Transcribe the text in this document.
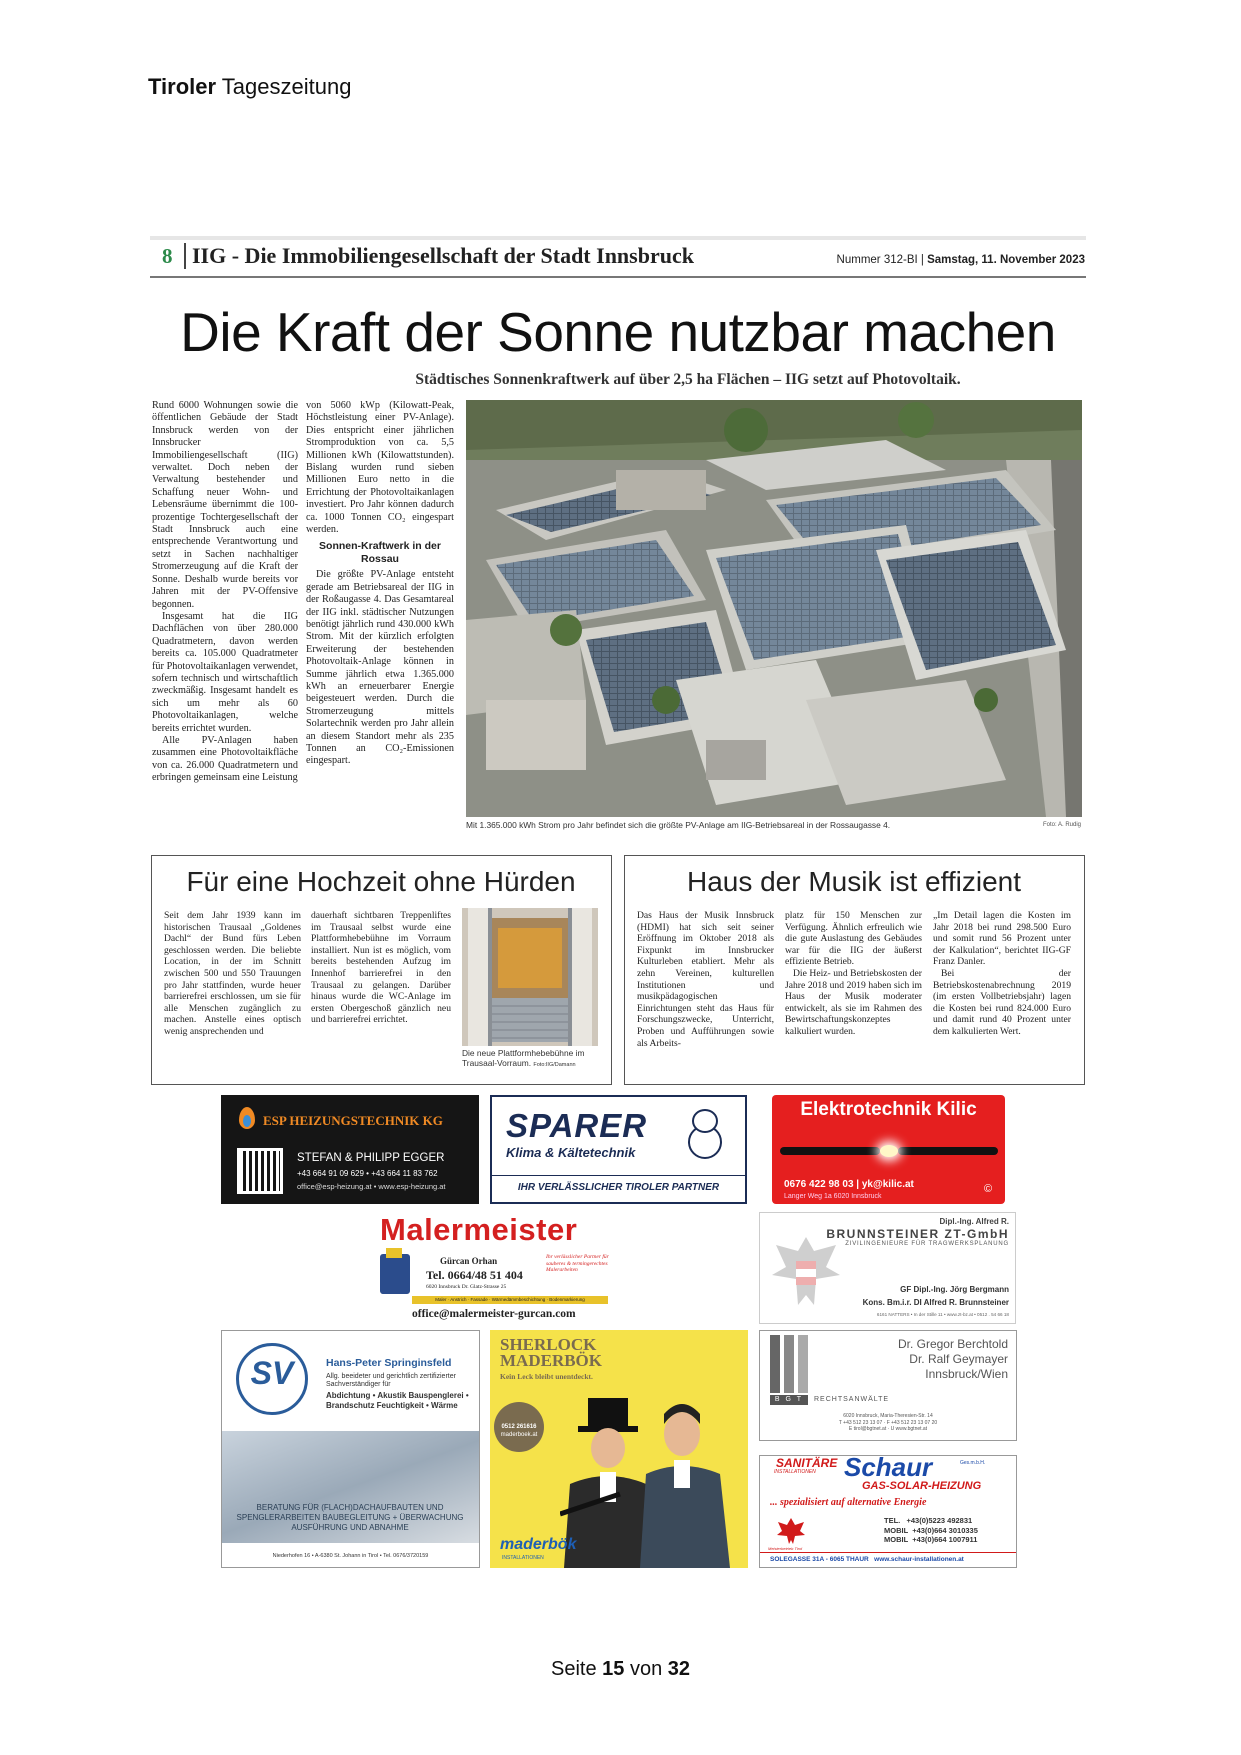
Tiroler Tageszeitung
8 IIG - Die Immobiliengesellschaft der Stadt Innsbruck	Nummer 312-BI | Samstag, 11. November 2023
Die Kraft der Sonne nutzbar machen
Städtisches Sonnenkraftwerk auf über 2,5 ha Flächen – IIG setzt auf Photovoltaik.

Rund 6000 Wohnungen sowie die öffentlichen Gebäude der Stadt Innsbruck werden von der Innsbrucker Immobiliengesellschaft (IIG) verwaltet. Doch neben der Verwaltung bestehender und Schaffung neuer Wohn- und Lebensräume übernimmt die 100-prozentige Tochtergesellschaft der Stadt Innsbruck auch eine entsprechende Verantwortung und setzt in Sachen nachhaltiger Stromerzeugung auf die Kraft der Sonne. Deshalb wurde bereits vor Jahren mit der PV-Offensive begonnen.

Insgesamt hat die IIG Dachflächen von über 280.000 Quadratmetern, davon werden bereits ca. 105.000 Quadratmeter für Photovoltaikanlagen verwendet, sofern technisch und wirtschaftlich zweckmäßig. Insgesamt handelt es sich um mehr als 60 Photovoltaikanlagen, welche bereits errichtet wurden.

Alle PV-Anlagen haben zusammen eine Photovoltaikfläche von ca. 26.000 Quadratmetern und erbringen gemeinsam eine Leistung

von 5060 kWp (Kilowatt-Peak, Höchstleistung einer PV-Anlage). Dies entspricht einer jährlichen Stromproduktion von ca. 5,5 Millionen kWh (Kilowattstunden). Bislang wurden rund sieben Millionen Euro netto in die Errichtung der Photovoltaikanlagen investiert. Pro Jahr können dadurch ca. 1000 Tonnen CO₂ eingespart werden.

Sonnen-Kraftwerk in der Rossau

Die größte PV-Anlage entsteht gerade am Betriebsareal der IIG in der Roßaugasse 4. Das Gesamtareal der IIG inkl. städtischer Nutzungen benötigt jährlich rund 430.000 kWh Strom. Mit der kürzlich erfolgten Erweiterung der bestehenden Photovoltaik-Anlage können in Summe jährlich etwa 1.365.000 kWh an erneuerbarer Energie beigesteuert werden. Durch die Stromerzeugung mittels Solartechnik werden pro Jahr allein an diesem Standort mehr als 235 Tonnen an CO₂-Emissionen eingespart.

Mit 1.365.000 kWh Strom pro Jahr befindet sich die größte PV-Anlage am IIG-Betriebsareal in der Rossaugasse 4.	Foto: A. Rudig
Für eine Hochzeit ohne Hürden

Seit dem Jahr 1939 kann im historischen Trausaal „Goldenes Dachl“ der Bund fürs Leben geschlossen werden. Die beliebte Location, in der im Schnitt zwischen 500 und 550 Trauungen pro Jahr stattfinden, wurde heuer barrierefrei erschlossen, um sie für alle Menschen zugänglich zu machen. Anstelle eines optisch wenig ansprechenden und

dauerhaft sichtbaren Treppenliftes im Trausaal selbst wurde eine Plattformhebebühne im Vorraum installiert. Nun ist es möglich, vom bereits bestehenden Aufzug im Innenhof barrierefrei in den Trausaal zu gelangen. Darüber hinaus wurde die WC-Anlage im ersten Obergeschoß gänzlich neu und barrierefrei errichtet.

Die neue Plattformhebebühne im Trausaal-Vorraum. Foto:IIG/Damann
Haus der Musik ist effizient

Das Haus der Musik Innsbruck (HDMI) hat sich seit seiner Eröffnung im Oktober 2018 als Fixpunkt im Innsbrucker Kulturleben etabliert. Mehr als zehn Vereinen, kulturellen Institutionen und musikpädagogischen Einrichtungen steht das Haus für Forschungszwecke, Unterricht, Proben und Aufführungen sowie als Arbeits-

platz für 150 Menschen zur Verfügung. Ähnlich erfreulich wie die gute Auslastung des Gebäudes war für die IIG der äußerst effiziente Betrieb.

Die Heiz- und Betriebskosten der Jahre 2018 und 2019 haben sich im Haus der Musik moderater entwickelt, als sie im Rahmen des Bewirtschaftungskonzeptes kalkuliert wurden.

„Im Detail lagen die Kosten im Jahr 2018 bei rund 298.500 Euro und somit rund 56 Prozent unter der Kalkulation“, berichtet IIG-GF Franz Danler.

Bei der Betriebskostenabrechnung 2019 (im ersten Vollbetriebsjahr) lagen die Kosten bei rund 824.000 Euro und damit rund 40 Prozent unter dem kalkulierten Wert.

ESP HEIZUNGSTECHNIK KG
STEFAN & PHILIPP EGGER
+43 664 91 09 629 • +43 664 11 83 762
office@esp-heizung.at • www.esp-heizung.at
SPARER
Klima & Kältetechnik
IHR VERLÄSSLICHER TIROLER PARTNER
Elektrotechnik Kilic
0676 422 98 03 | yk@kilic.at
Langer Weg 1a 6020 Innsbruck
©
Malermeister
Gürcan Orhan
Tel. 0664/48 51 404
6020 Innsbruck Dr. Glatz-Strasse 25
Ihr verlässlicher Partner für sauberes & termingerechtes Malerarbeiten
Maler · Anstrich · Fassade · Wärmedämmbeschichtung · Bodenmarkierung
office@malermeister-gurcan.com
Dipl.-Ing. Alfred R.
BRUNNSTEINER ZT-GmbH
ZIVILINGENIEURE FÜR TRAGWERKSPLANUNG
GF Dipl.-Ing. Jörg Bergmann
Kons. Bm.i.r. DI Alfred R. Brunnsteiner
6161 NATTERS • In der Stille 11 • www.zt-bz.at • 0512 . 54 66 18
SV	Hans-Peter Springinsfeld
Allg. beeideter und gerichtlich zertifizierter Sachverständiger für
Abdichtung • Akustik Bauspenglerei • Brandschutz Feuchtigkeit • Wärme
BERATUNG FÜR (FLACH)DACHAUFBAUTEN UND SPENGLERARBEITEN BAUBEGLEITUNG + ÜBERWACHUNG AUSFÜHRUNG UND ABNAHME
Niederhofen 16 • A-6380 St. Johann in Tirol • Tel. 0676/3720159
SHERLOCK
MADERBÖK
Kein Leck bleibt unentdeckt.
0512 261616
maderboek.at
maderbök
INSTALLATIONEN
Dr. Gregor Berchtold
Dr. Ralf Geymayer
Innsbruck/Wien
B G T	RECHTSANWÄLTE
6020 Innsbruck, Maria-Theresien-Str. 14
T +43 512 23 13 07 · F +43 512 23 13 07 20
E tirol@bgtnet.at · U www.bgtnet.at
SANITÄRE
INSTALLATIONEN Schaur	Ges.m.b.H.
GAS-SOLAR-HEIZUNG
... spezialisiert auf alternative Energie
Meisterbetrieb Tirol
TEL.   +43(0)5223 492831
MOBIL  +43(0)664 3010335
MOBIL  +43(0)664 1007911
SOLEGASSE 31A - 6065 THAUR www.schaur-installationen.at
Seite 15 von 32
